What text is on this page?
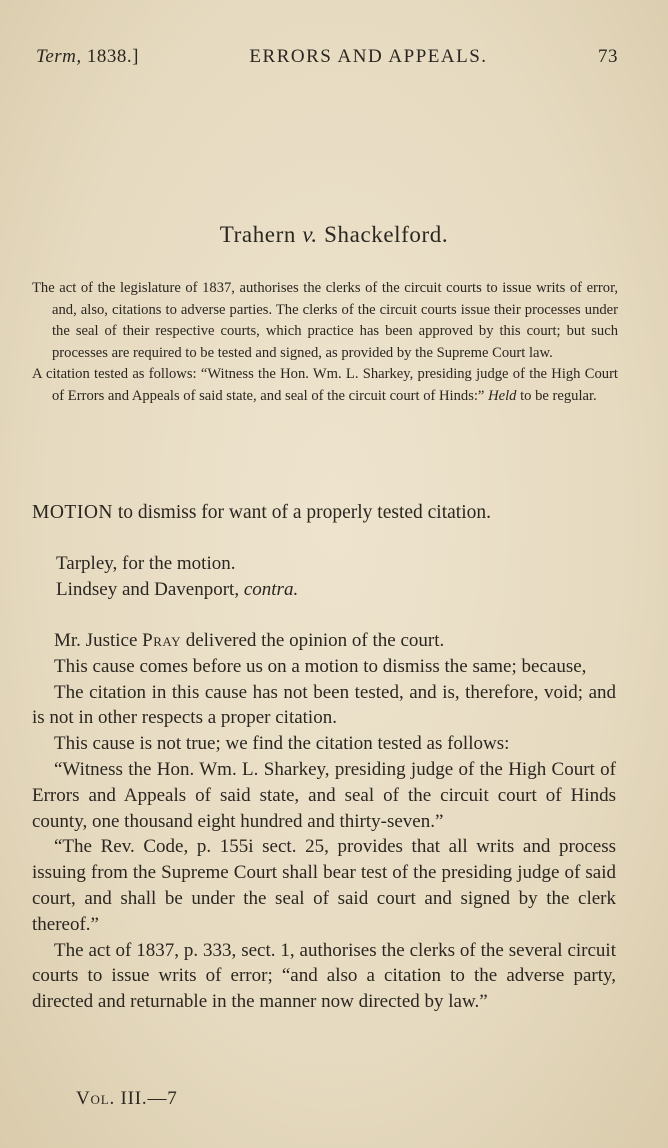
Term, 1838.]	ERRORS AND APPEALS.	73
Trahern v. Shackelford.

The act of the legislature of 1837, authorises the clerks of the circuit courts to issue writs of error, and, also, citations to adverse parties. The clerks of the circuit courts issue their processes under the seal of their respective courts, which practice has been approved by this court; but such processes are required to be tested and signed, as provided by the Supreme Court law.

A citation tested as follows: “Witness the Hon. Wm. L. Sharkey, presiding judge of the High Court of Errors and Appeals of said state, and seal of the circuit court of Hinds:” Held to be regular.

MOTION to dismiss for want of a properly tested citation.
Tarpley, for the motion.
Lindsey and Davenport, contra.

Mr. Justice Pray delivered the opinion of the court.

This cause comes before us on a motion to dismiss the same; because,

The citation in this cause has not been tested, and is, therefore, void; and is not in other respects a proper citation.

This cause is not true; we find the citation tested as follows:

“Witness the Hon. Wm. L. Sharkey, presiding judge of the High Court of Errors and Appeals of said state, and seal of the circuit court of Hinds county, one thousand eight hundred and thirty-seven.”

“The Rev. Code, p. 155i sect. 25, provides that all writs and process issuing from the Supreme Court shall bear test of the presiding judge of said court, and shall be under the seal of said court and signed by the clerk thereof.”

The act of 1837, p. 333, sect. 1, authorises the clerks of the several circuit courts to issue writs of error; “and also a citation to the adverse party, directed and returnable in the manner now directed by law.”

Vol. III.—7
